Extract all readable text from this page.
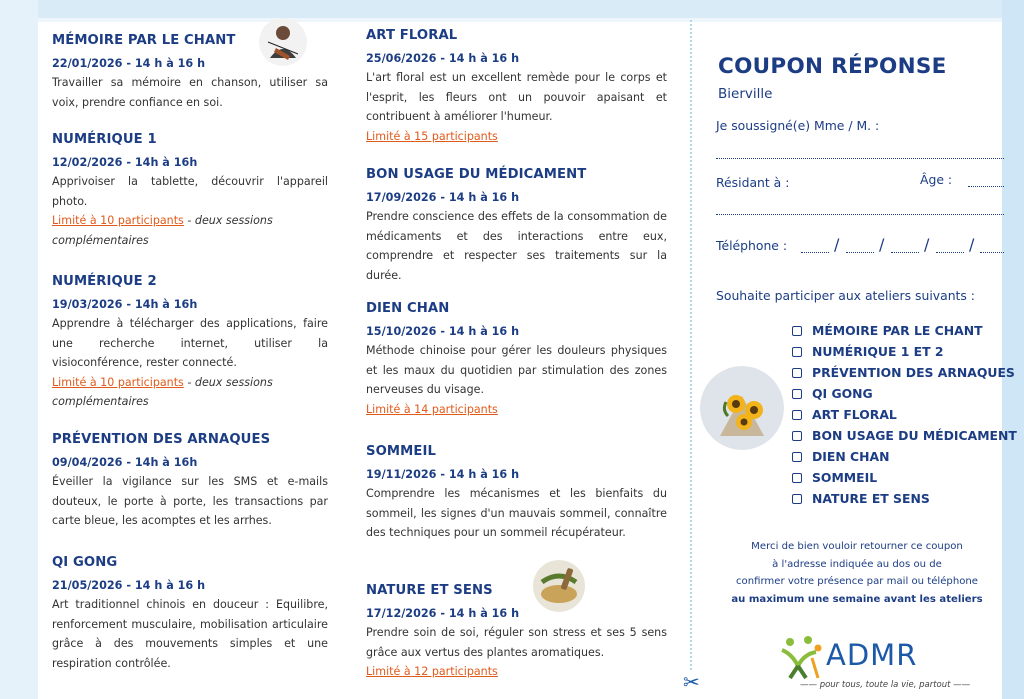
MÉMOIRE PAR LE CHANT
22/01/2026 - 14 h à 16 h
Travailler sa mémoire en chanson, utiliser sa voix, prendre confiance en soi.
NUMÉRIQUE 1
12/02/2026 - 14h à 16h
Apprivoiser la tablette, découvrir l'appareil photo.
Limité à 10 participants - deux sessions complémentaires
NUMÉRIQUE 2
19/03/2026 - 14h à 16h
Apprendre à télécharger des applications, faire une recherche internet, utiliser la visioconférence, rester connecté.
Limité à 10 participants - deux sessions complémentaires
PRÉVENTION DES ARNAQUES
09/04/2026 - 14h à 16h
Éveiller la vigilance sur les SMS et e-mails douteux, le porte à porte, les transactions par carte bleue, les acomptes et les arrhes.
QI GONG
21/05/2026 - 14 h à 16 h
Art traditionnel chinois en douceur : Equilibre, renforcement musculaire, mobilisation articulaire grâce à des mouvements simples et une respiration contrôlée.
ART FLORAL
25/06/2026 - 14 h à 16 h
L'art floral est un excellent remède pour le corps et l'esprit, les fleurs ont un pouvoir apaisant et contribuent à améliorer l'humeur.
Limité à 15 participants
BON USAGE DU MÉDICAMENT
17/09/2026 - 14 h à 16 h
Prendre conscience des effets de la consommation de médicaments et des interactions entre eux, comprendre et respecter ses traitements sur la durée.
DIEN CHAN
15/10/2026 - 14 h à 16 h
Méthode chinoise pour gérer les douleurs physiques et les maux du quotidien par stimulation des zones nerveuses du visage.
Limité à 14 participants
SOMMEIL
19/11/2026 - 14 h à 16 h
Comprendre les mécanismes et les bienfaits du sommeil, les signes d'un mauvais sommeil, connaître des techniques pour un sommeil récupérateur.
NATURE ET SENS
17/12/2026 - 14 h à 16 h
Prendre soin de soi, réguler son stress et ses 5 sens grâce aux vertus des plantes aromatiques.
Limité à 12 participants	✂
COUPON RÉPONSE
Bierville
Je soussigné(e) Mme / M. :
Résidant à :	Âge :
Téléphone :	/ / / /
Souhaite participer aux ateliers suivants :
MÉMOIRE PAR LE CHANT
NUMÉRIQUE 1 ET 2
PRÉVENTION DES ARNAQUES
QI GONG
ART FLORAL
BON USAGE DU MÉDICAMENT
DIEN CHAN
SOMMEIL
NATURE ET SENS
Merci de bien vouloir retourner ce coupon
à l'adresse indiquée au dos ou de
confirmer votre présence par mail ou téléphone
au maximum une semaine avant les ateliers
ADMR
—— pour tous, toute la vie, partout ——
